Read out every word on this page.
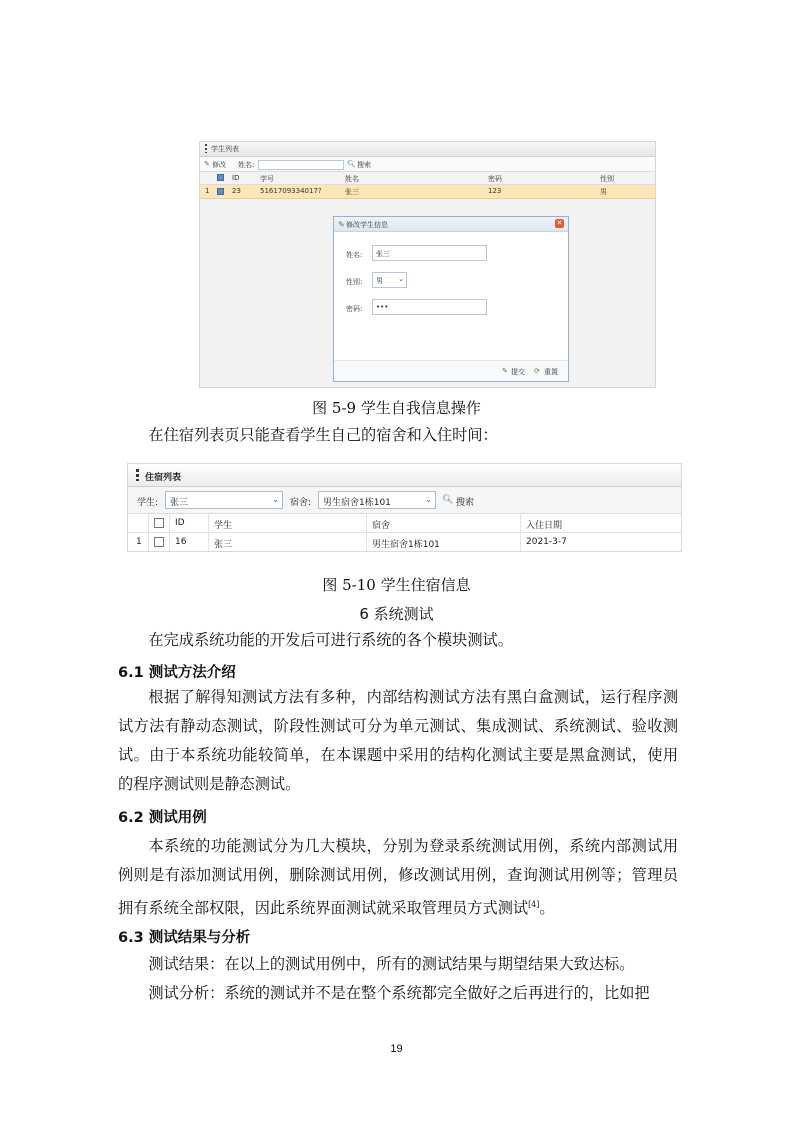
学生列表
✎ 修改 姓名:	🔍︎ 搜索
ID	学号	姓名	密码	性别
1	23	5161709334017?	张三	123	男
✎ 修改学生信息	✕
姓名:	张三
性别:	男 ⌄
密码:	•••
✎ 提交 ⟳ 重置
图 5-9 学生自我信息操作

在住宿列表页只能查看学生自己的宿舍和入住时间：

住宿列表
学生:	张三	⌄ 宿舍:	男生宿舍1栋101	⌄ 🔍︎ 搜索
ID	学生	宿舍	入住日期
1	16	张三	男生宿舍1栋101	2021-3-7
图 5-10 学生住宿信息
6 系统测试

在完成系统功能的开发后可进行系统的各个模块测试。

6.1 测试方法介绍

根据了解得知测试方法有多种，内部结构测试方法有黑白盒测试，运行程序测试方法有静动态测试，阶段性测试可分为单元测试、集成测试、系统测试、验收测试。由于本系统功能较简单，在本课题中采用的结构化测试主要是黑盒测试，使用的程序测试则是静态测试。

6.2 测试用例

本系统的功能测试分为几大模块，分别为登录系统测试用例，系统内部测试用例则是有添加测试用例，删除测试用例，修改测试用例，查询测试用例等；管理员拥有系统全部权限，因此系统界面测试就采取管理员方式测试[4]。

6.3 测试结果与分析

测试结果：在以上的测试用例中，所有的测试结果与期望结果大致达标。

测试分析：系统的测试并不是在整个系统都完全做好之后再进行的，比如把

19
